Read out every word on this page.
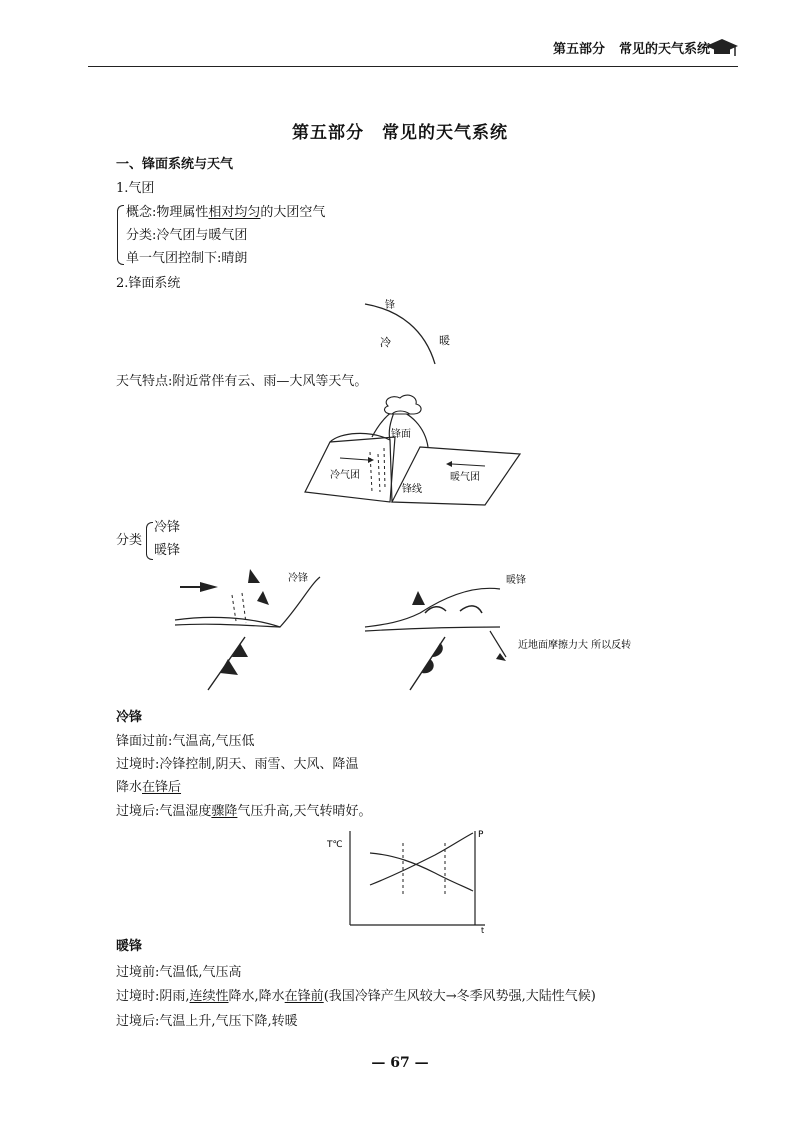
第五部分 常见的天气系统
第五部分 常见的天气系统
一、锋面系统与天气
1.气团
概念:物理属性相对均匀的大团空气
分类:冷气团与暖气团
单一气团控制下:晴朗
2.锋面系统
锋
冷	暖
天气特点:附近常伴有云、雨—大风等天气。
锋面
冷气团	暖气团
锋线
分类
冷锋
暖锋
冷锋	暖锋
近地面摩擦力大 所以反转
冷锋
锋面过前:气温高,气压低
过境时:冷锋控制,阴天、雨雪、大风、降温
降水在锋后
过境后:气温湿度骤降气压升高,天气转晴好。
T℃
P
t
暖锋
过境前:气温低,气压高
过境时:阴雨,连续性降水,降水在锋前(我国冷锋产生风较大→冬季风势强,大陆性气候)
过境后:气温上升,气压下降,转暖
— 67 —
